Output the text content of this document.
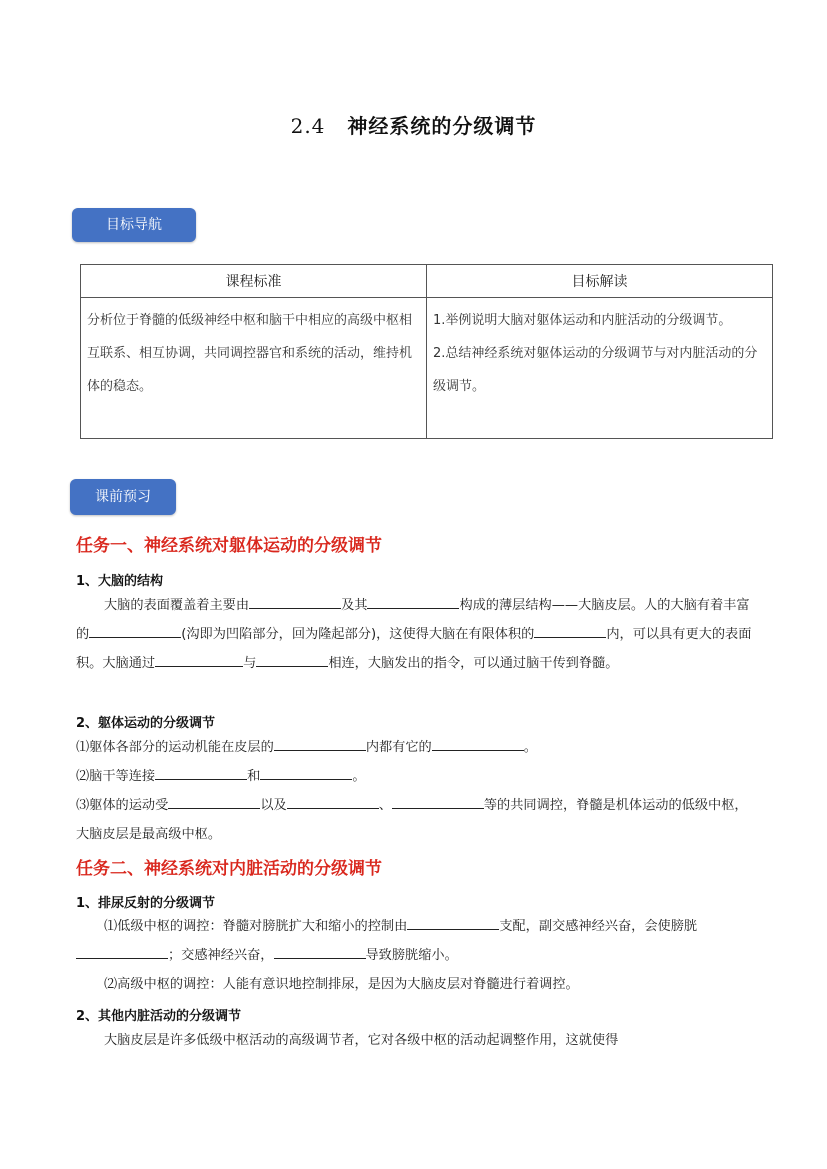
2.4 神经系统的分级调节
目标导航
课程标准	目标解读
分析位于脊髓的低级神经中枢和脑干中相应的高级中枢相互联系、相互协调，共同调控器官和系统的活动，维持机体的稳态。	1.举例说明大脑对躯体运动和内脏活动的分级调节。
2.总结神经系统对躯体运动的分级调节与对内脏活动的分级调节。
课前预习
任务一、神经系统对躯体运动的分级调节
1、大脑的结构
大脑的表面覆盖着主要由	及其	构成的薄层结构——大脑皮层。人的大脑有着丰富的	(沟即为凹陷部分，回为隆起部分)，这使得大脑在有限体积的	内，可以具有更大的表面积。大脑通过	与	相连，大脑发出的指令，可以通过脑干传到脊髓。
2、躯体运动的分级调节
⑴躯体各部分的运动机能在皮层的	内都有它的	。
⑵脑干等连接	和	。
⑶躯体的运动受	以及	、	等的共同调控，脊髓是机体运动的低级中枢，大脑皮层是最高级中枢。
任务二、神经系统对内脏活动的分级调节
1、排尿反射的分级调节
⑴低级中枢的调控：脊髓对膀胱扩大和缩小的控制由	支配，副交感神经兴奋，会使膀胱；交感神经兴奋，	导致膀胱缩小。
⑵高级中枢的调控：人能有意识地控制排尿，是因为大脑皮层对脊髓进行着调控。
2、其他内脏活动的分级调节
大脑皮层是许多低级中枢活动的高级调节者，它对各级中枢的活动起调整作用，这就使得
